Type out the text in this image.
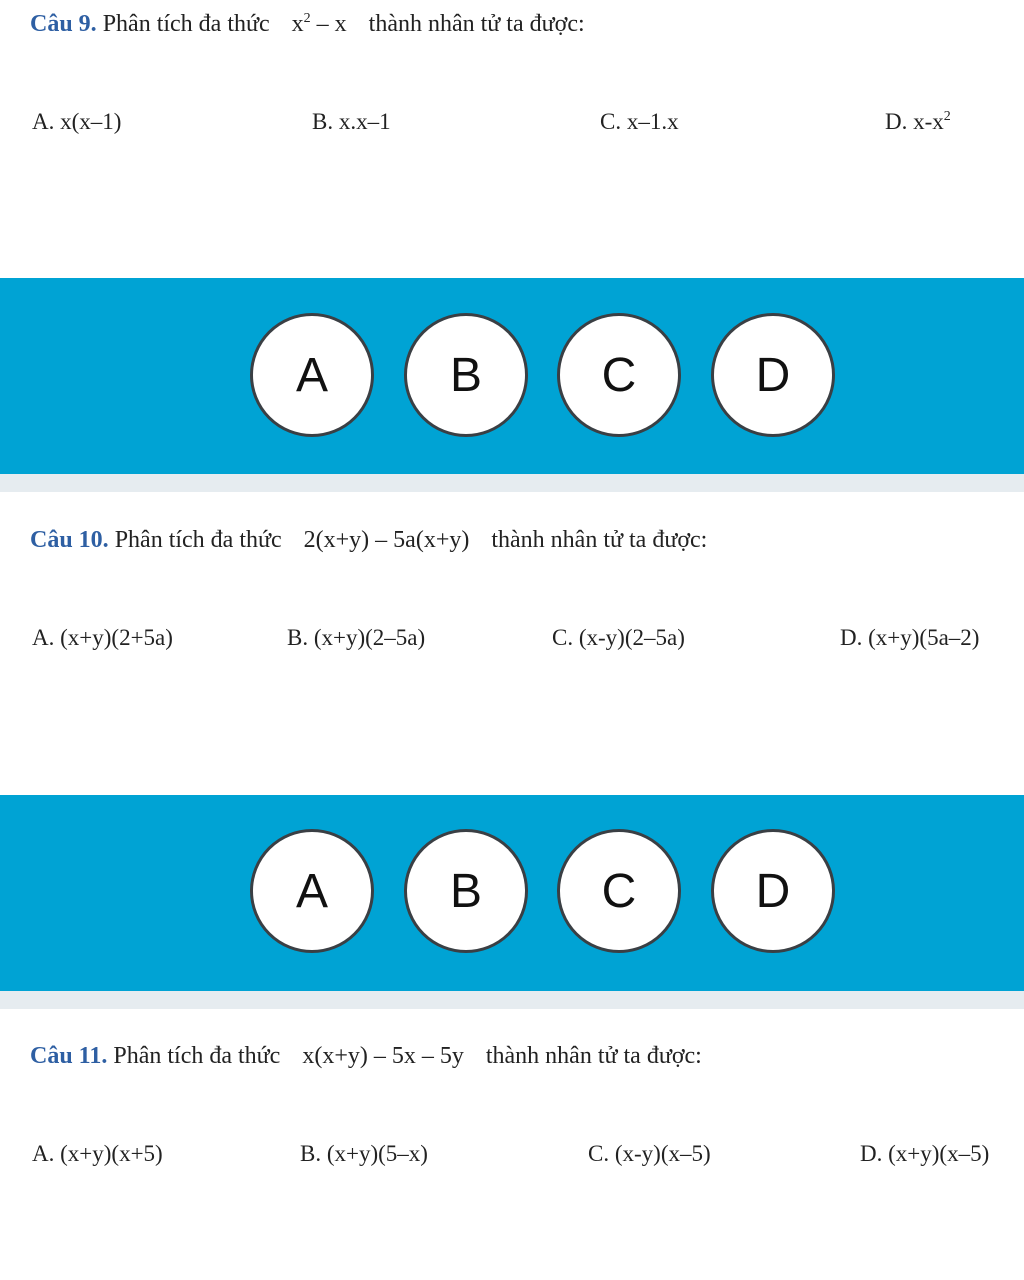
Câu 9. Phân tích đa thức $x^2$ – x thành nhân tử ta được:
A. x(x–1)	B. x.x–1	C. x–1.x	D. $x-x^2$
A	B	C	D
Câu 10. Phân tích đa thức 2(x+y) – 5a(x+y) thành nhân tử ta được:
A. (x+y)(2+5a)	B. (x+y)(2–5a)	C. (x-y)(2–5a)	D. (x+y)(5a–2)
A	B	C	D
Câu 11. Phân tích đa thức x(x+y) – 5x – 5y thành nhân tử ta được:
A. (x+y)(x+5)	B. (x+y)(5–x)	C. (x-y)(x–5)	D. (x+y)(x–5)
